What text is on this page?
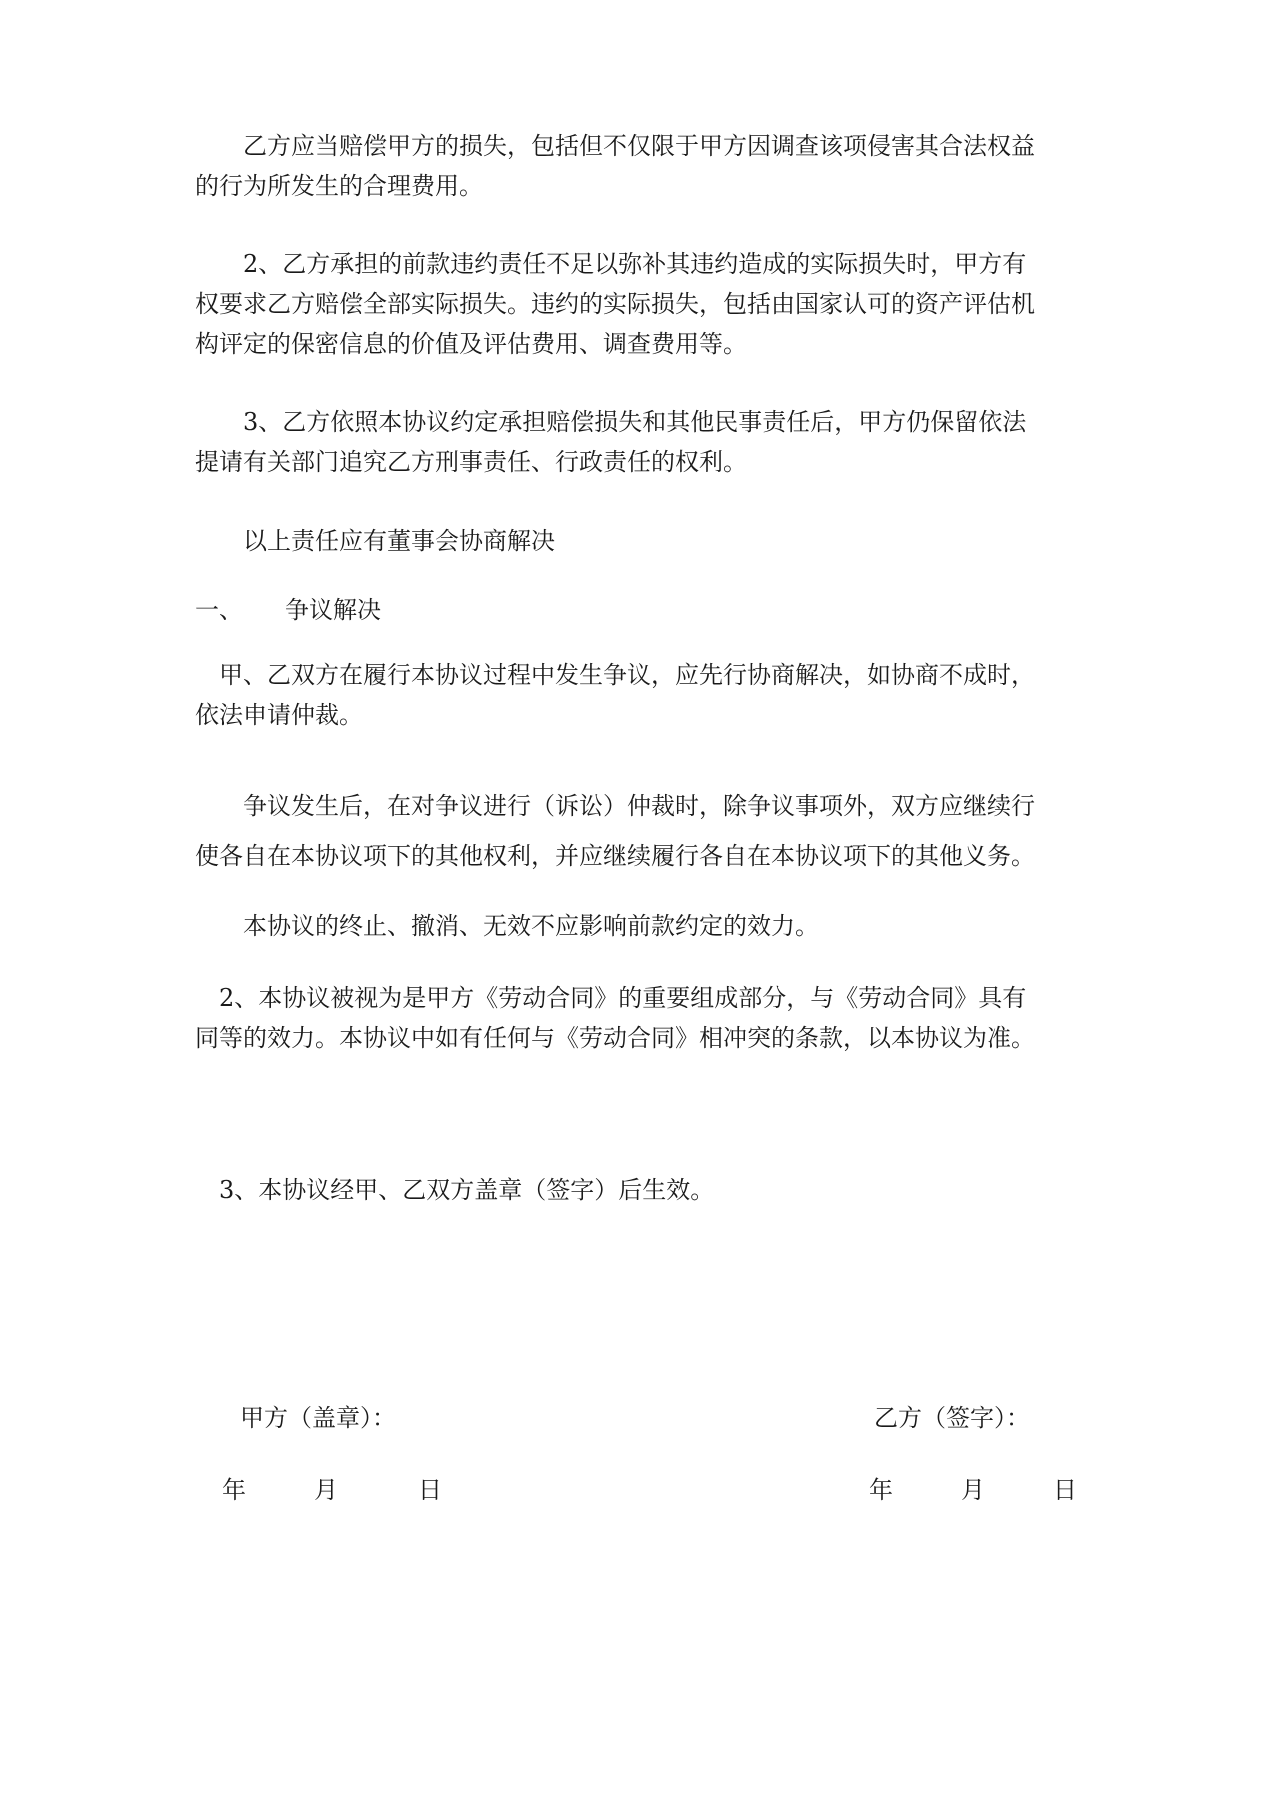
乙方应当赔偿甲方的损失，包括但不仅限于甲方因调查该项侵害其合法权益
的行为所发生的合理费用。

2、乙方承担的前款违约责任不足以弥补其违约造成的实际损失时，甲方有
权要求乙方赔偿全部实际损失。违约的实际损失，包括由国家认可的资产评估机
构评定的保密信息的价值及评估费用、调查费用等。

3、乙方依照本协议约定承担赔偿损失和其他民事责任后，甲方仍保留依法
提请有关部门追究乙方刑事责任、行政责任的权利。

以上责任应有董事会协商解决

一、 争议解决

甲、乙双方在履行本协议过程中发生争议，应先行协商解决，如协商不成时，
依法申请仲裁。

争议发生后，在对争议进行（诉讼）仲裁时，除争议事项外，双方应继续行
使各自在本协议项下的其他权利，并应继续履行各自在本协议项下的其他义务。

本协议的终止、撤消、无效不应影响前款约定的效力。

2、本协议被视为是甲方《劳动合同》的重要组成部分，与《劳动合同》具有
同等的效力。本协议中如有任何与《劳动合同》相冲突的条款，以本协议为准。

3、本协议经甲、乙双方盖章（签字）后生效。

甲方（盖章）：
年	月	日
乙方（签字）：
年	月	日
